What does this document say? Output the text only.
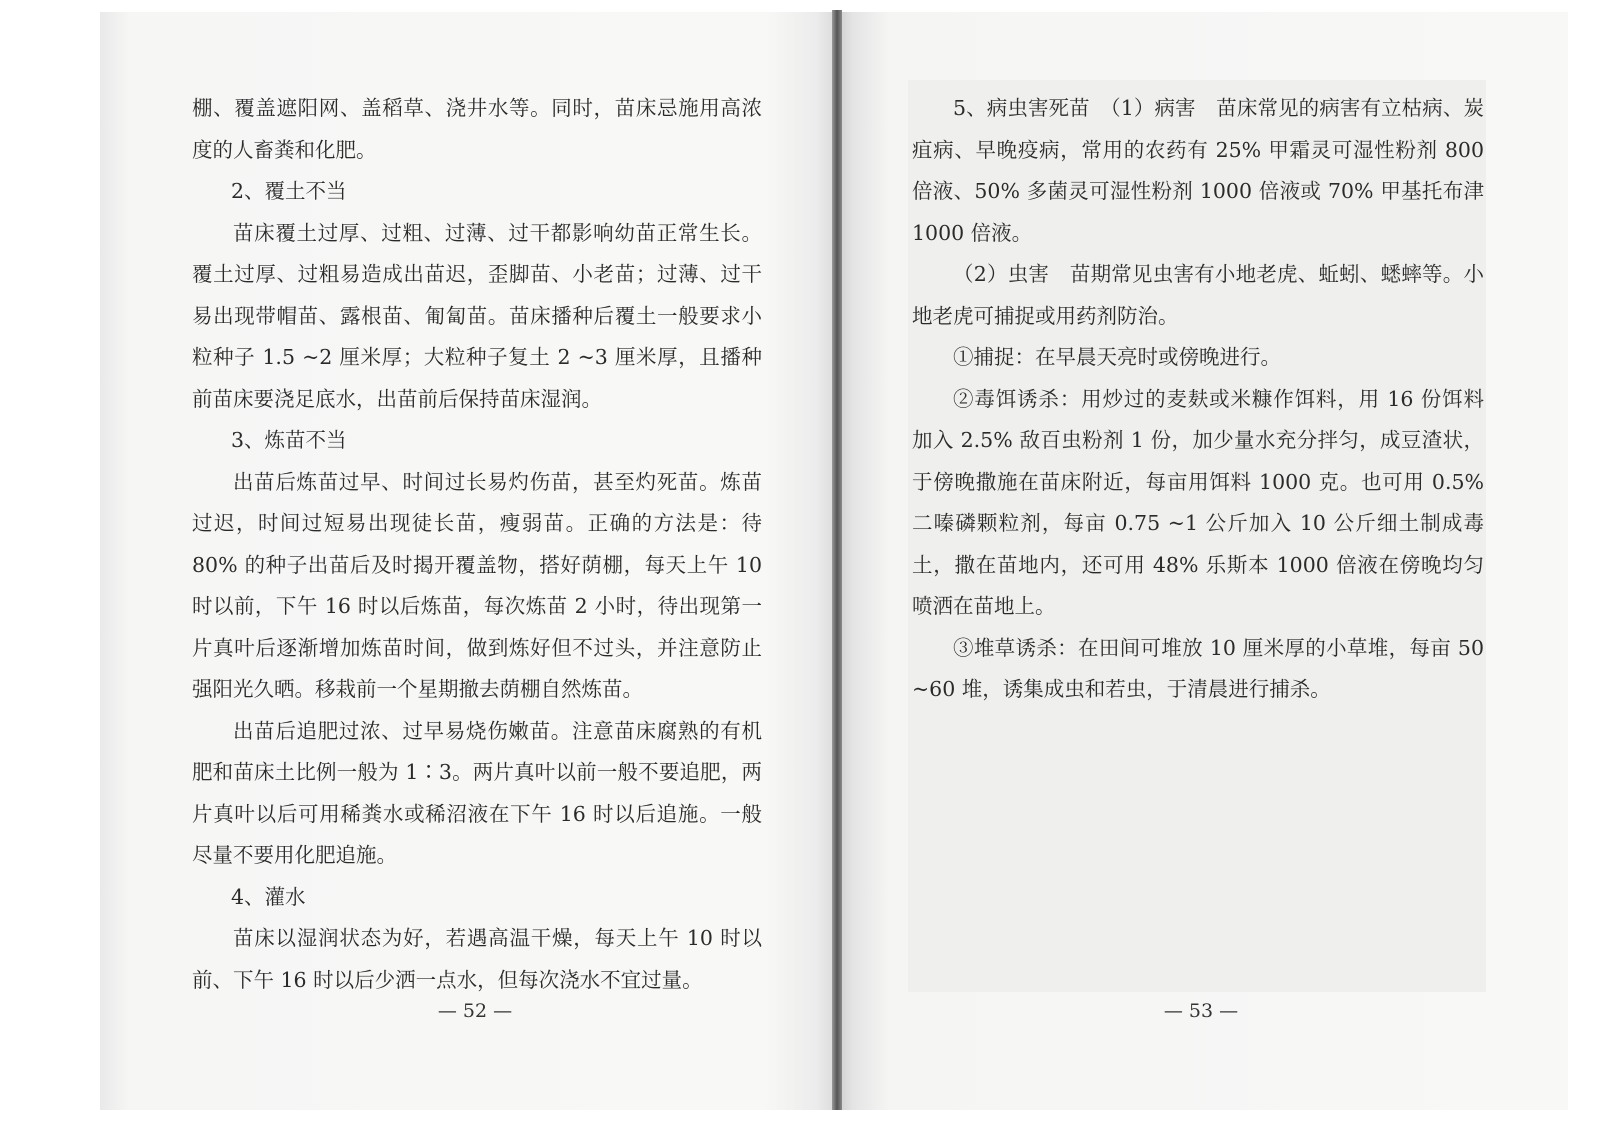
棚、覆盖遮阳网、盖稻草、浇井水等。同时，苗床忌施用高浓度的人畜粪和化肥。

2、覆土不当

苗床覆土过厚、过粗、过薄、过干都影响幼苗正常生长。覆土过厚、过粗易造成出苗迟，歪脚苗、小老苗；过薄、过干易出现带帽苗、露根苗、匍匐苗。苗床播种后覆土一般要求小粒种子 1.5 ~2 厘米厚；大粒种子复土 2 ~3 厘米厚，且播种前苗床要浇足底水，出苗前后保持苗床湿润。

3、炼苗不当

出苗后炼苗过早、时间过长易灼伤苗，甚至灼死苗。炼苗过迟，时间过短易出现徒长苗，瘦弱苗。正确的方法是：待 80% 的种子出苗后及时揭开覆盖物，搭好荫棚，每天上午 10 时以前，下午 16 时以后炼苗，每次炼苗 2 小时，待出现第一片真叶后逐渐增加炼苗时间，做到炼好但不过头，并注意防止强阳光久晒。移栽前一个星期撤去荫棚自然炼苗。

出苗后追肥过浓、过早易烧伤嫩苗。注意苗床腐熟的有机肥和苗床土比例一般为 1∶3。两片真叶以前一般不要追肥，两片真叶以后可用稀粪水或稀沼液在下午 16 时以后追施。一般尽量不要用化肥追施。

4、灌水

苗床以湿润状态为好，若遇高温干燥，每天上午 10 时以前、下午 16 时以后少洒一点水，但每次浇水不宜过量。

— 52 —

5、病虫害死苗　（1）病害　苗床常见的病害有立枯病、炭疽病、早晚疫病，常用的农药有 25% 甲霜灵可湿性粉剂 800 倍液、50% 多菌灵可湿性粉剂 1000 倍液或 70% 甲基托布津 1000 倍液。

（2）虫害　苗期常见虫害有小地老虎、蚯蚓、蟋蟀等。小地老虎可捕捉或用药剂防治。

①捕捉：在早晨天亮时或傍晚进行。

②毒饵诱杀：用炒过的麦麸或米糠作饵料，用 16 份饵料加入 2.5% 敌百虫粉剂 1 份，加少量水充分拌匀，成豆渣状，于傍晚撒施在苗床附近，每亩用饵料 1000 克。也可用 0.5% 二嗪磷颗粒剂，每亩 0.75 ~1 公斤加入 10 公斤细土制成毒土，撒在苗地内，还可用 48% 乐斯本 1000 倍液在傍晚均匀喷洒在苗地上。

③堆草诱杀：在田间可堆放 10 厘米厚的小草堆，每亩 50 ~60 堆，诱集成虫和若虫，于清晨进行捕杀。

— 53 —
